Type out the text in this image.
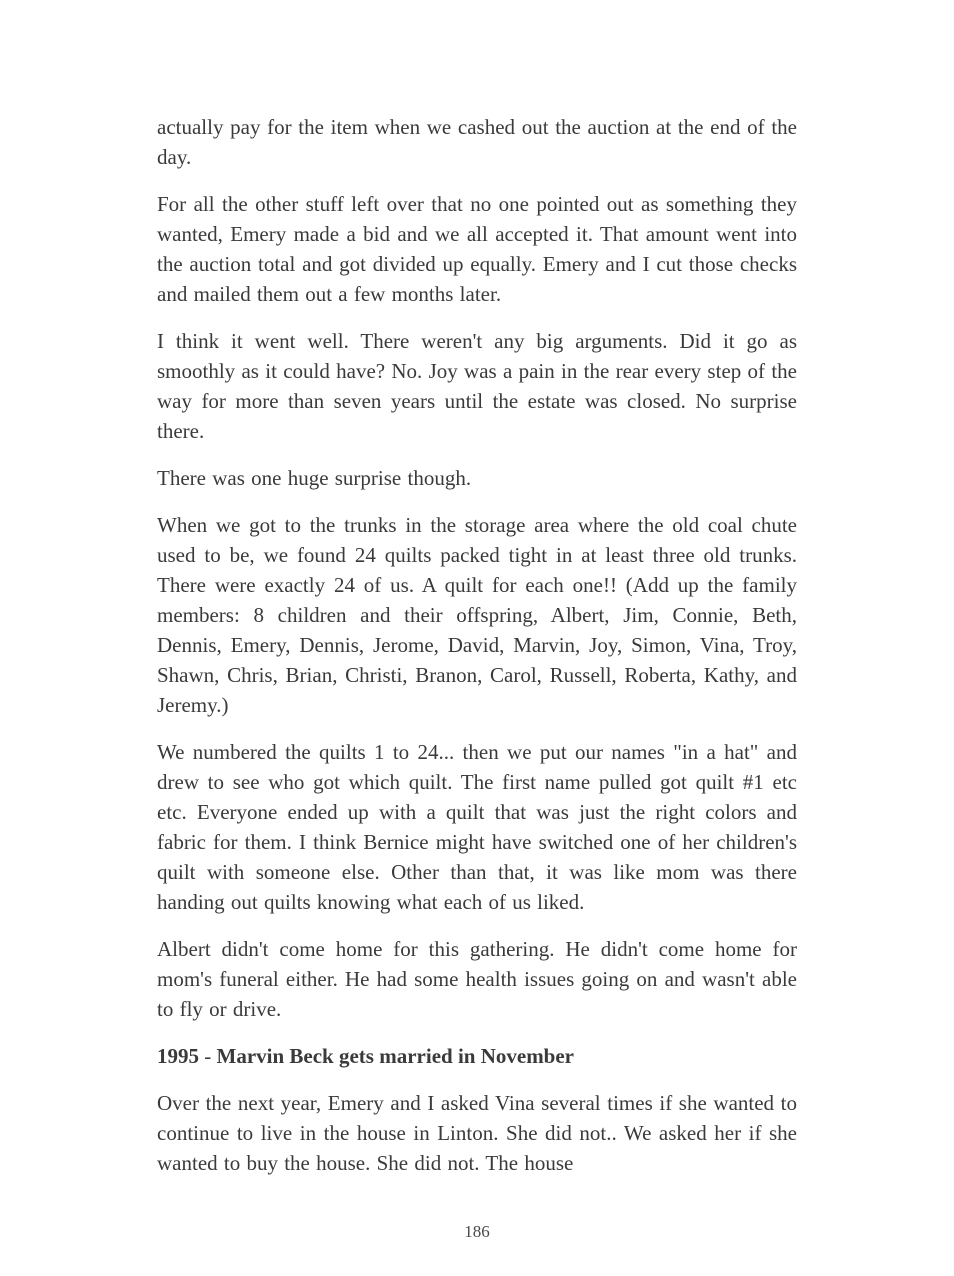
actually pay for the item when we cashed out the auction at the end of the day.

For all the other stuff left over that no one pointed out as something they wanted, Emery made a bid and we all accepted it. That amount went into the auction total and got divided up equally. Emery and I cut those checks and mailed them out a few months later.

I think it went well. There weren't any big arguments. Did it go as smoothly as it could have? No. Joy was a pain in the rear every step of the way for more than seven years until the estate was closed. No surprise there.

There was one huge surprise though.

When we got to the trunks in the storage area where the old coal chute used to be, we found 24 quilts packed tight in at least three old trunks. There were exactly 24 of us. A quilt for each one!! (Add up the family members: 8 children and their offspring, Albert, Jim, Connie, Beth, Dennis, Emery, Dennis, Jerome, David, Marvin, Joy, Simon, Vina, Troy, Shawn, Chris, Brian, Christi, Branon, Carol, Russell, Roberta, Kathy, and Jeremy.)

We numbered the quilts 1 to 24... then we put our names "in a hat" and drew to see who got which quilt. The first name pulled got quilt #1 etc etc. Everyone ended up with a quilt that was just the right colors and fabric for them. I think Bernice might have switched one of her children's quilt with someone else. Other than that, it was like mom was there handing out quilts knowing what each of us liked.

Albert didn't come home for this gathering. He didn't come home for mom's funeral either. He had some health issues going on and wasn't able to fly or drive.

1995 - Marvin Beck gets married in November

Over the next year, Emery and I asked Vina several times if she wanted to continue to live in the house in Linton. She did not.. We asked her if she wanted to buy the house. She did not. The house

186
